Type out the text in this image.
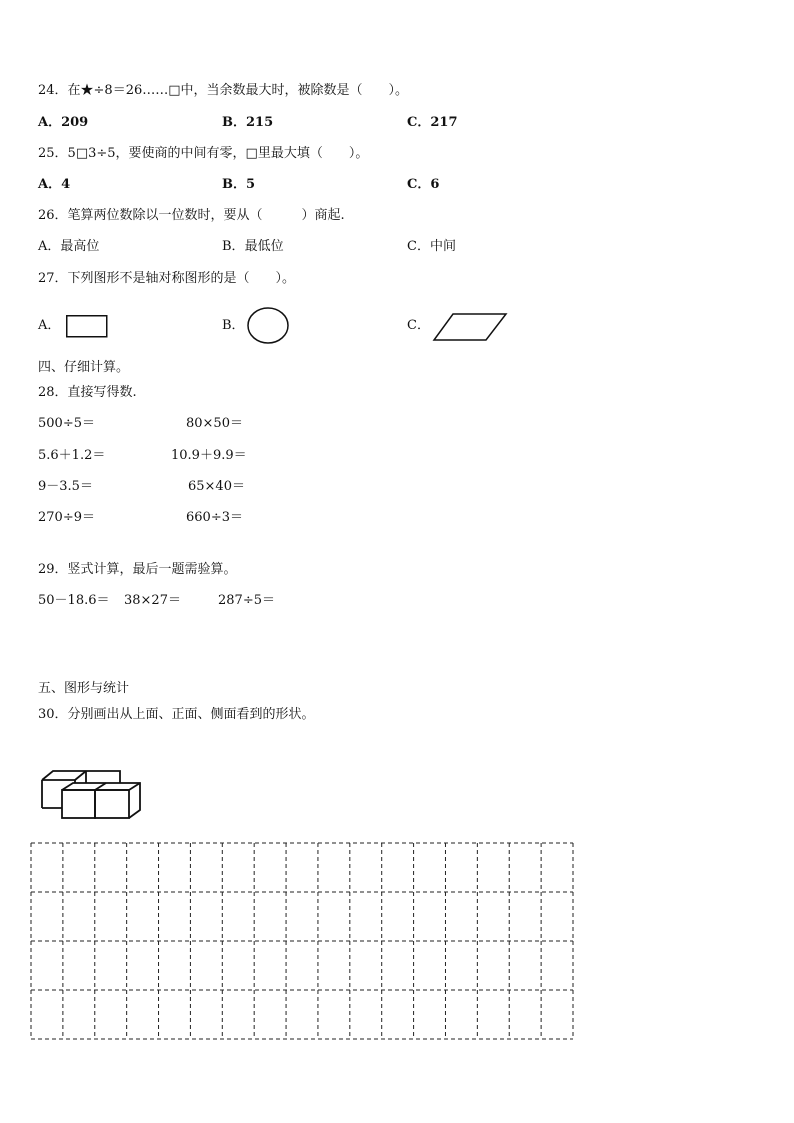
24．在★÷8＝26……□中，当余数最大时，被除数是（　　）。
A．209	B．215	C．217
25．5□3÷5，要使商的中间有零，□里最大填（　　）。
A．4	B．5	C．6
26．笔算两位数除以一位数时，要从（　　　）商起.
A．最高位	B．最低位	C．中间
27．下列图形不是轴对称图形的是（　　）。
A．	B．	C．
四、仔细计算。
28．直接写得数.
500÷5＝	80×50＝
5.6＋1.2＝	10.9＋9.9＝
9－3.5＝	65×40＝
270÷9＝	660÷3＝
29．竖式计算，最后一题需验算。
50－18.6＝ 38×27＝	287÷5＝
五、图形与统计
30．分别画出从上面、正面、侧面看到的形状。
